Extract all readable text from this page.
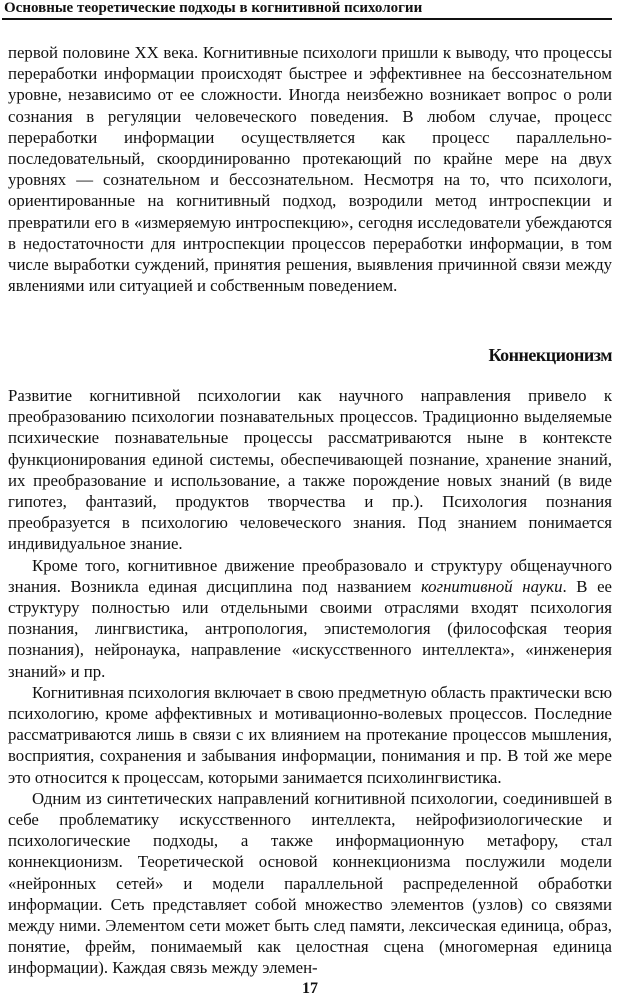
Основные теоретические подходы в когнитивной психологии

первой половине XX века. Когнитивные психологи пришли к выводу, что процессы переработки информации происходят быстрее и эффективнее на бессознательном уровне, независимо от ее сложности. Иногда неизбежно возникает вопрос о роли сознания в регуляции человеческого поведения. В любом случае, процесс переработки информации осуществляется как процесс параллельно-последовательный, скоординированно протекающий по крайне мере на двух уровнях — сознательном и бессознательном. Несмотря на то, что психологи, ориентированные на когнитивный подход, возродили метод интроспекции и превратили его в «измеряемую интроспекцию», сегодня исследователи убеждаются в недостаточности для интроспекции процессов переработки информации, в том числе выработки суждений, принятия решения, выявления причинной связи между явлениями или ситуацией и собственным поведением.

Коннекционизм

Развитие когнитивной психологии как научного направления привело к преобразованию психологии познавательных процессов. Традиционно выделяемые психические познавательные процессы рассматриваются ныне в контексте функционирования единой системы, обеспечивающей познание, хранение знаний, их преобразование и использование, а также порождение новых знаний (в виде гипотез, фантазий, продуктов творчества и пр.). Психология познания преобразуется в психологию человеческого знания. Под знанием понимается индивидуальное знание.

Кроме того, когнитивное движение преобразовало и структуру общенаучного знания. Возникла единая дисциплина под названием когнитивной науки. В ее структуру полностью или отдельными своими отраслями входят психология познания, лингвистика, антропология, эпистемология (философская теория познания), нейронаука, направление «искусственного интеллекта», «инженерия знаний» и пр.

Когнитивная психология включает в свою предметную область практически всю психологию, кроме аффективных и мотивационно-волевых процессов. Последние рассматриваются лишь в связи с их влиянием на протекание процессов мышления, восприятия, сохранения и забывания информации, понимания и пр. В той же мере это относится к процессам, которыми занимается психолингвистика.

Одним из синтетических направлений когнитивной психологии, соединившей в себе проблематику искусственного интеллекта, нейрофизиологические и психологические подходы, а также информационную метафору, стал коннекционизм. Теоретической основой коннекционизма послужили модели «нейронных сетей» и модели параллельной распределенной обработки информации. Сеть представляет собой множество элементов (узлов) со связями между ними. Элементом сети может быть след памяти, лексическая единица, образ, понятие, фрейм, понимаемый как целостная сцена (многомерная единица информации). Каждая связь между элемен-

17
